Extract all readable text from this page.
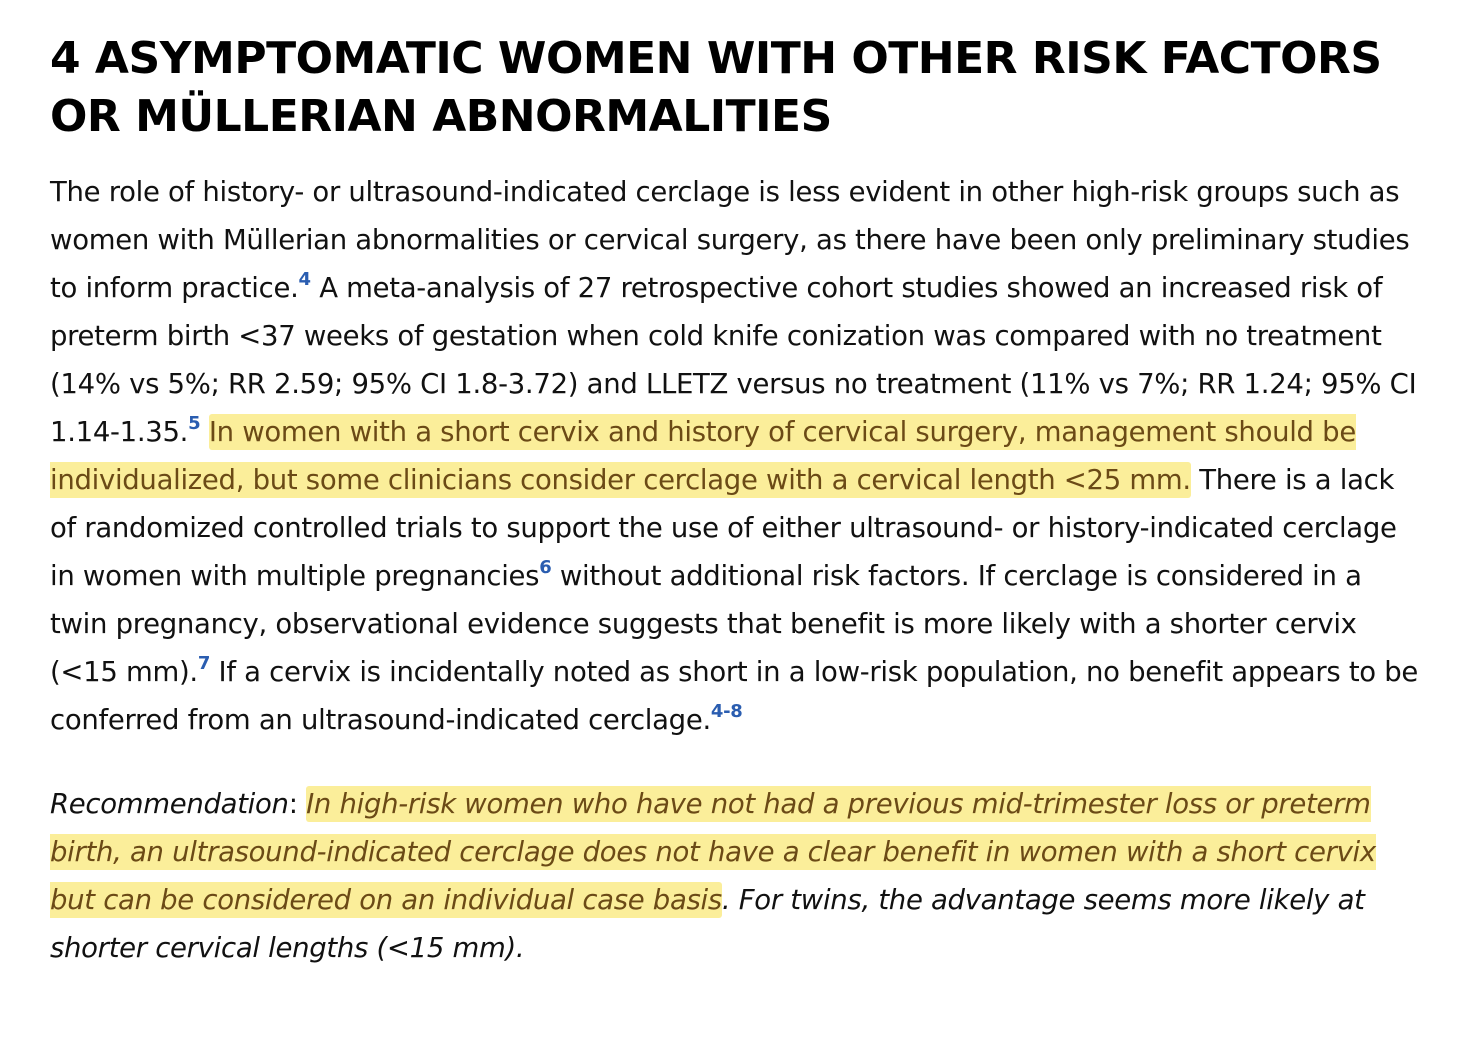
4 ASYMPTOMATIC WOMEN WITH OTHER RISK FACTORS OR MÜLLERIAN ABNORMALITIES

The role of history- or ultrasound-indicated cerclage is less evident in other high-risk groups such as women with Müllerian abnormalities or cervical surgery, as there have been only preliminary studies to inform practice.$^4$ A meta-analysis of 27 retrospective cohort studies showed an increased risk of preterm birth <37 weeks of gestation when cold knife conization was compared with no treatment (14% vs 5%; RR 2.59; 95% CI 1.8‐3.72) and LLETZ versus no treatment (11% vs 7%; RR 1.24; 95% CI 1.14‐1.35.$^5$ In women with a short cervix and history of cervical surgery, management should be individualized, but some clinicians consider cerclage with a cervical length <25 mm. There is a lack of randomized controlled trials to support the use of either ultrasound- or history-indicated cerclage in women with multiple pregnancies$^6$ without additional risk factors. If cerclage is considered in a twin pregnancy, observational evidence suggests that benefit is more likely with a shorter cervix (<15 mm).$^7$ If a cervix is incidentally noted as short in a low-risk population, no benefit appears to be conferred from an ultrasound-indicated cerclage.$^{4-8}$

Recommendation: In high-risk women who have not had a previous mid-trimester loss or preterm birth, an ultrasound-indicated cerclage does not have a clear benefit in women with a short cervix but can be considered on an individual case basis. For twins, the advantage seems more likely at shorter cervical lengths (<15 mm).
